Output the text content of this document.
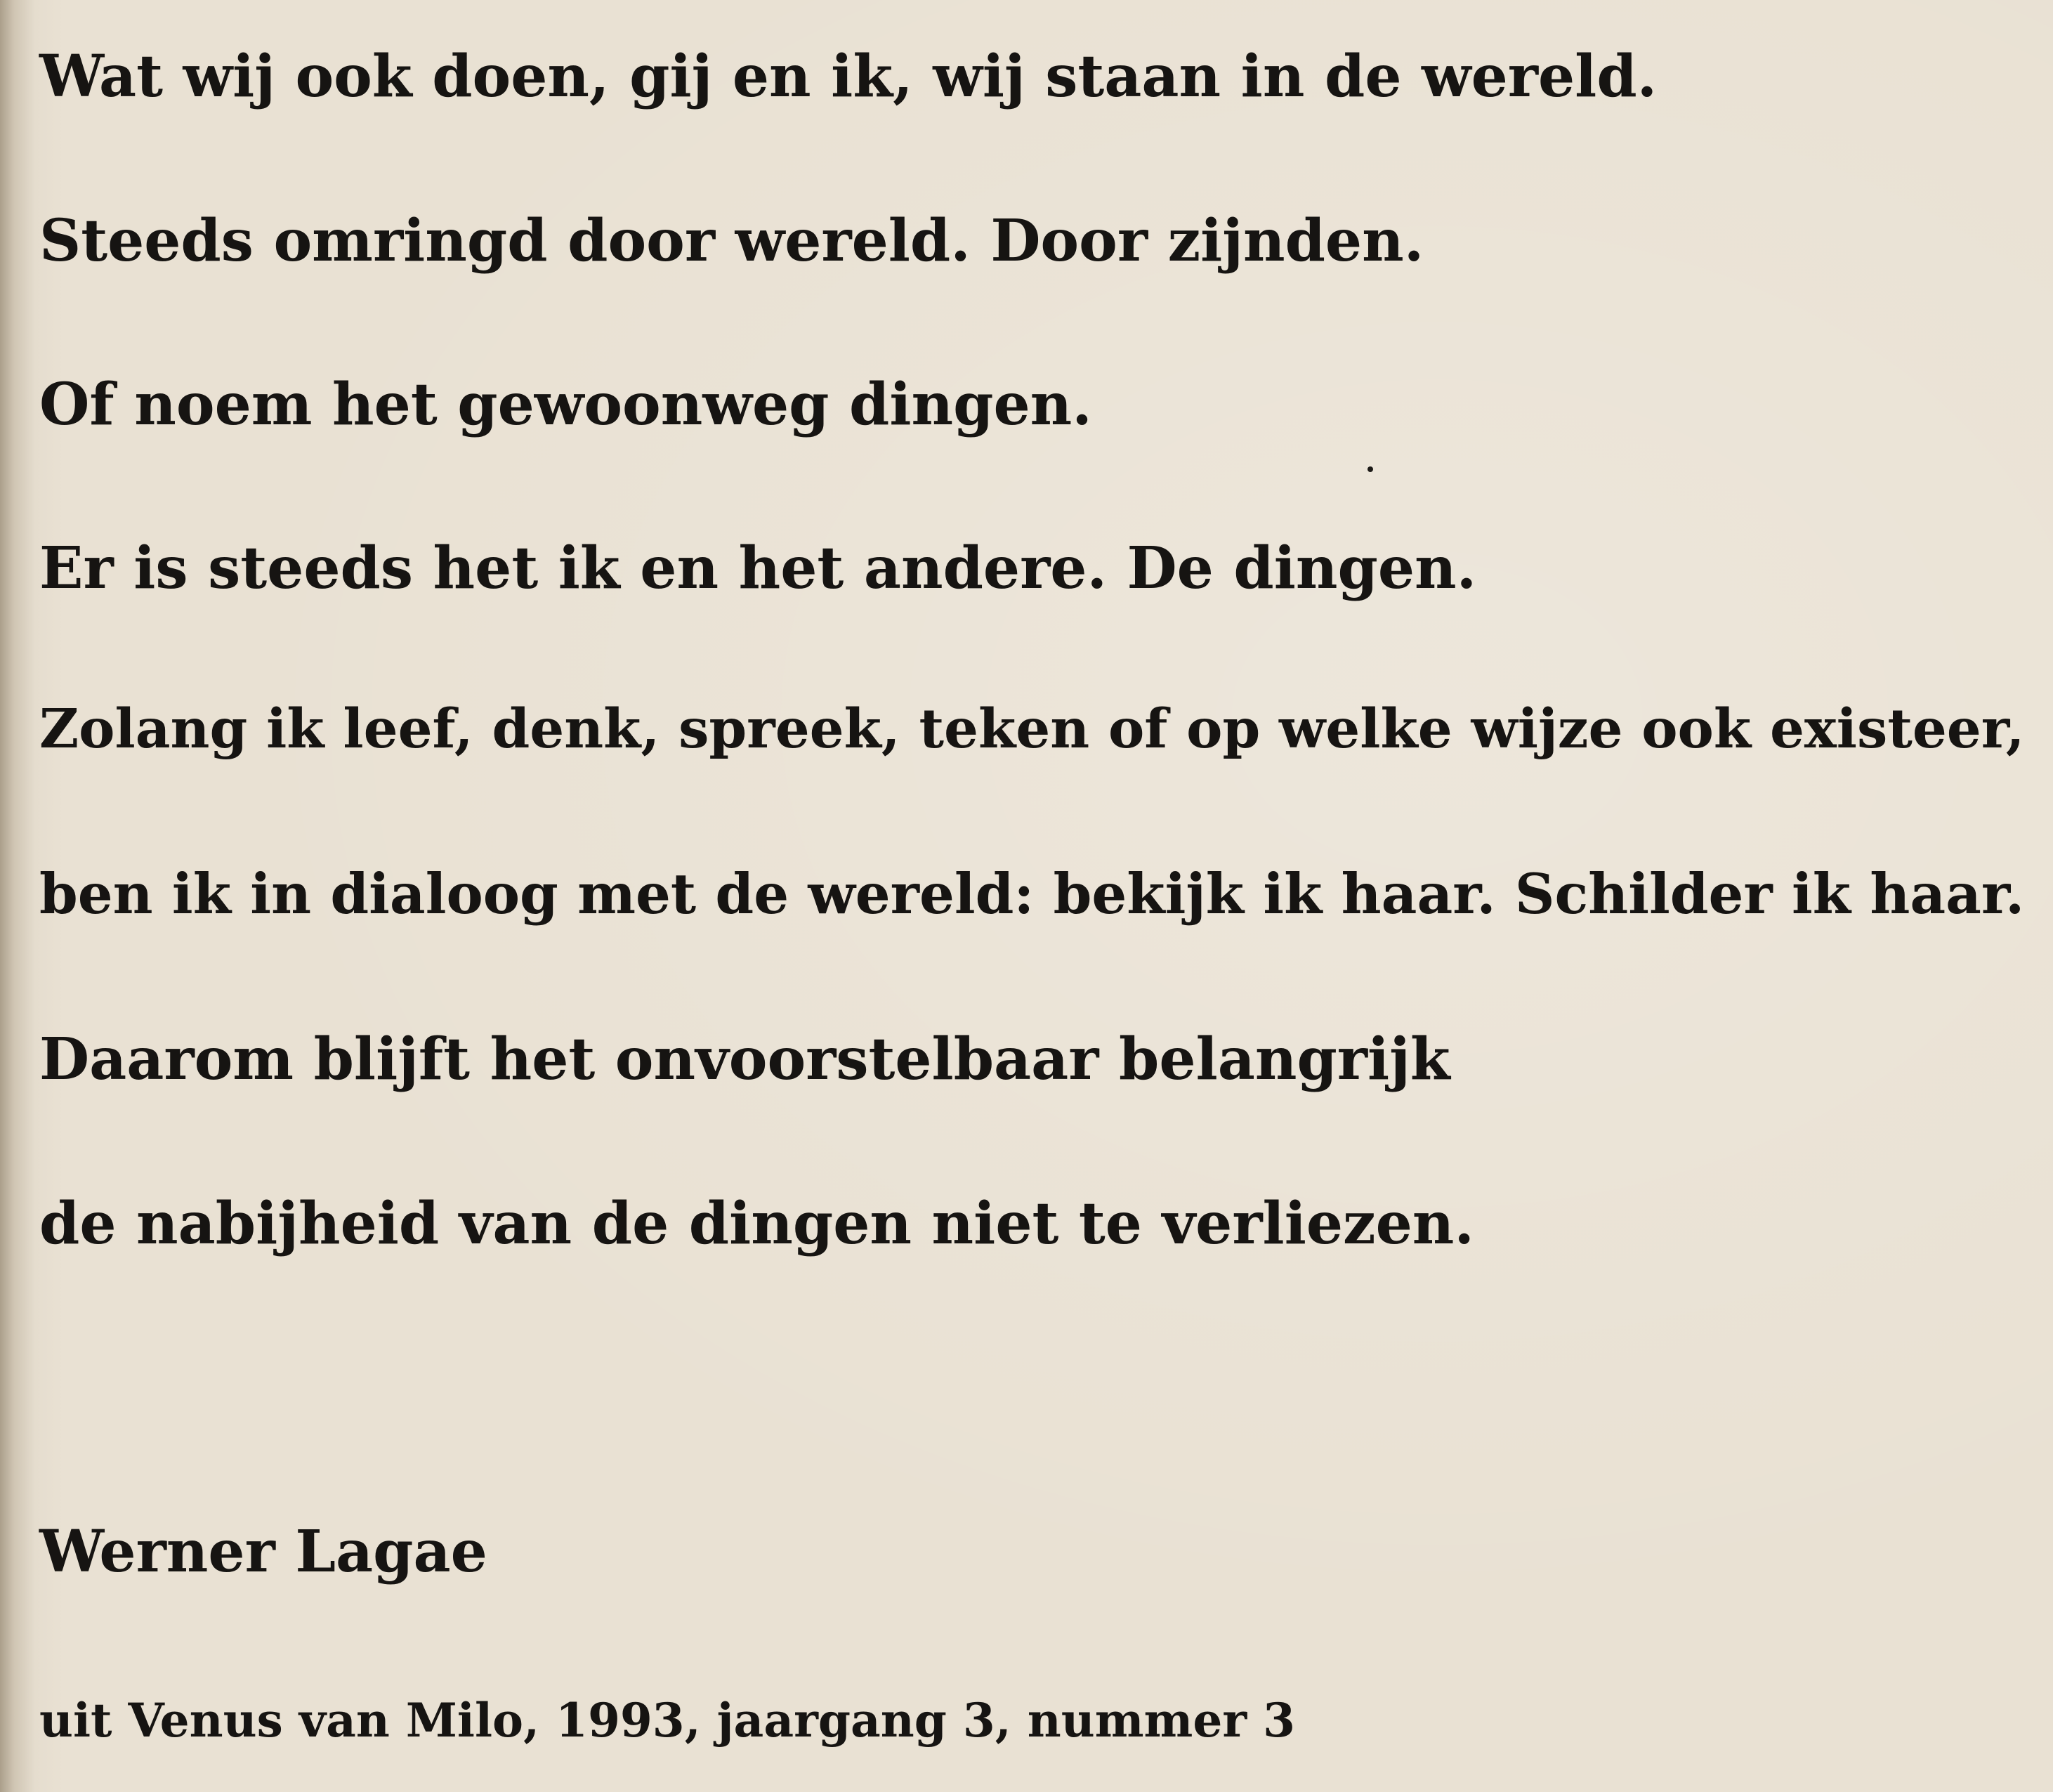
Wat wij ook doen, gij en ik, wij staan in de wereld.

Steeds omringd door wereld. Door zijnden.

Of noem het gewoonweg dingen.

Er is steeds het ik en het andere. De dingen.

Zolang ik leef, denk, spreek, teken of op welke wijze ook existeer,

ben ik in dialoog met de wereld: bekijk ik haar. Schilder ik haar.

Daarom blijft het onvoorstelbaar belangrijk

de nabijheid van de dingen niet te verliezen.

Werner Lagae

uit Venus van Milo, 1993, jaargang 3, nummer 3
